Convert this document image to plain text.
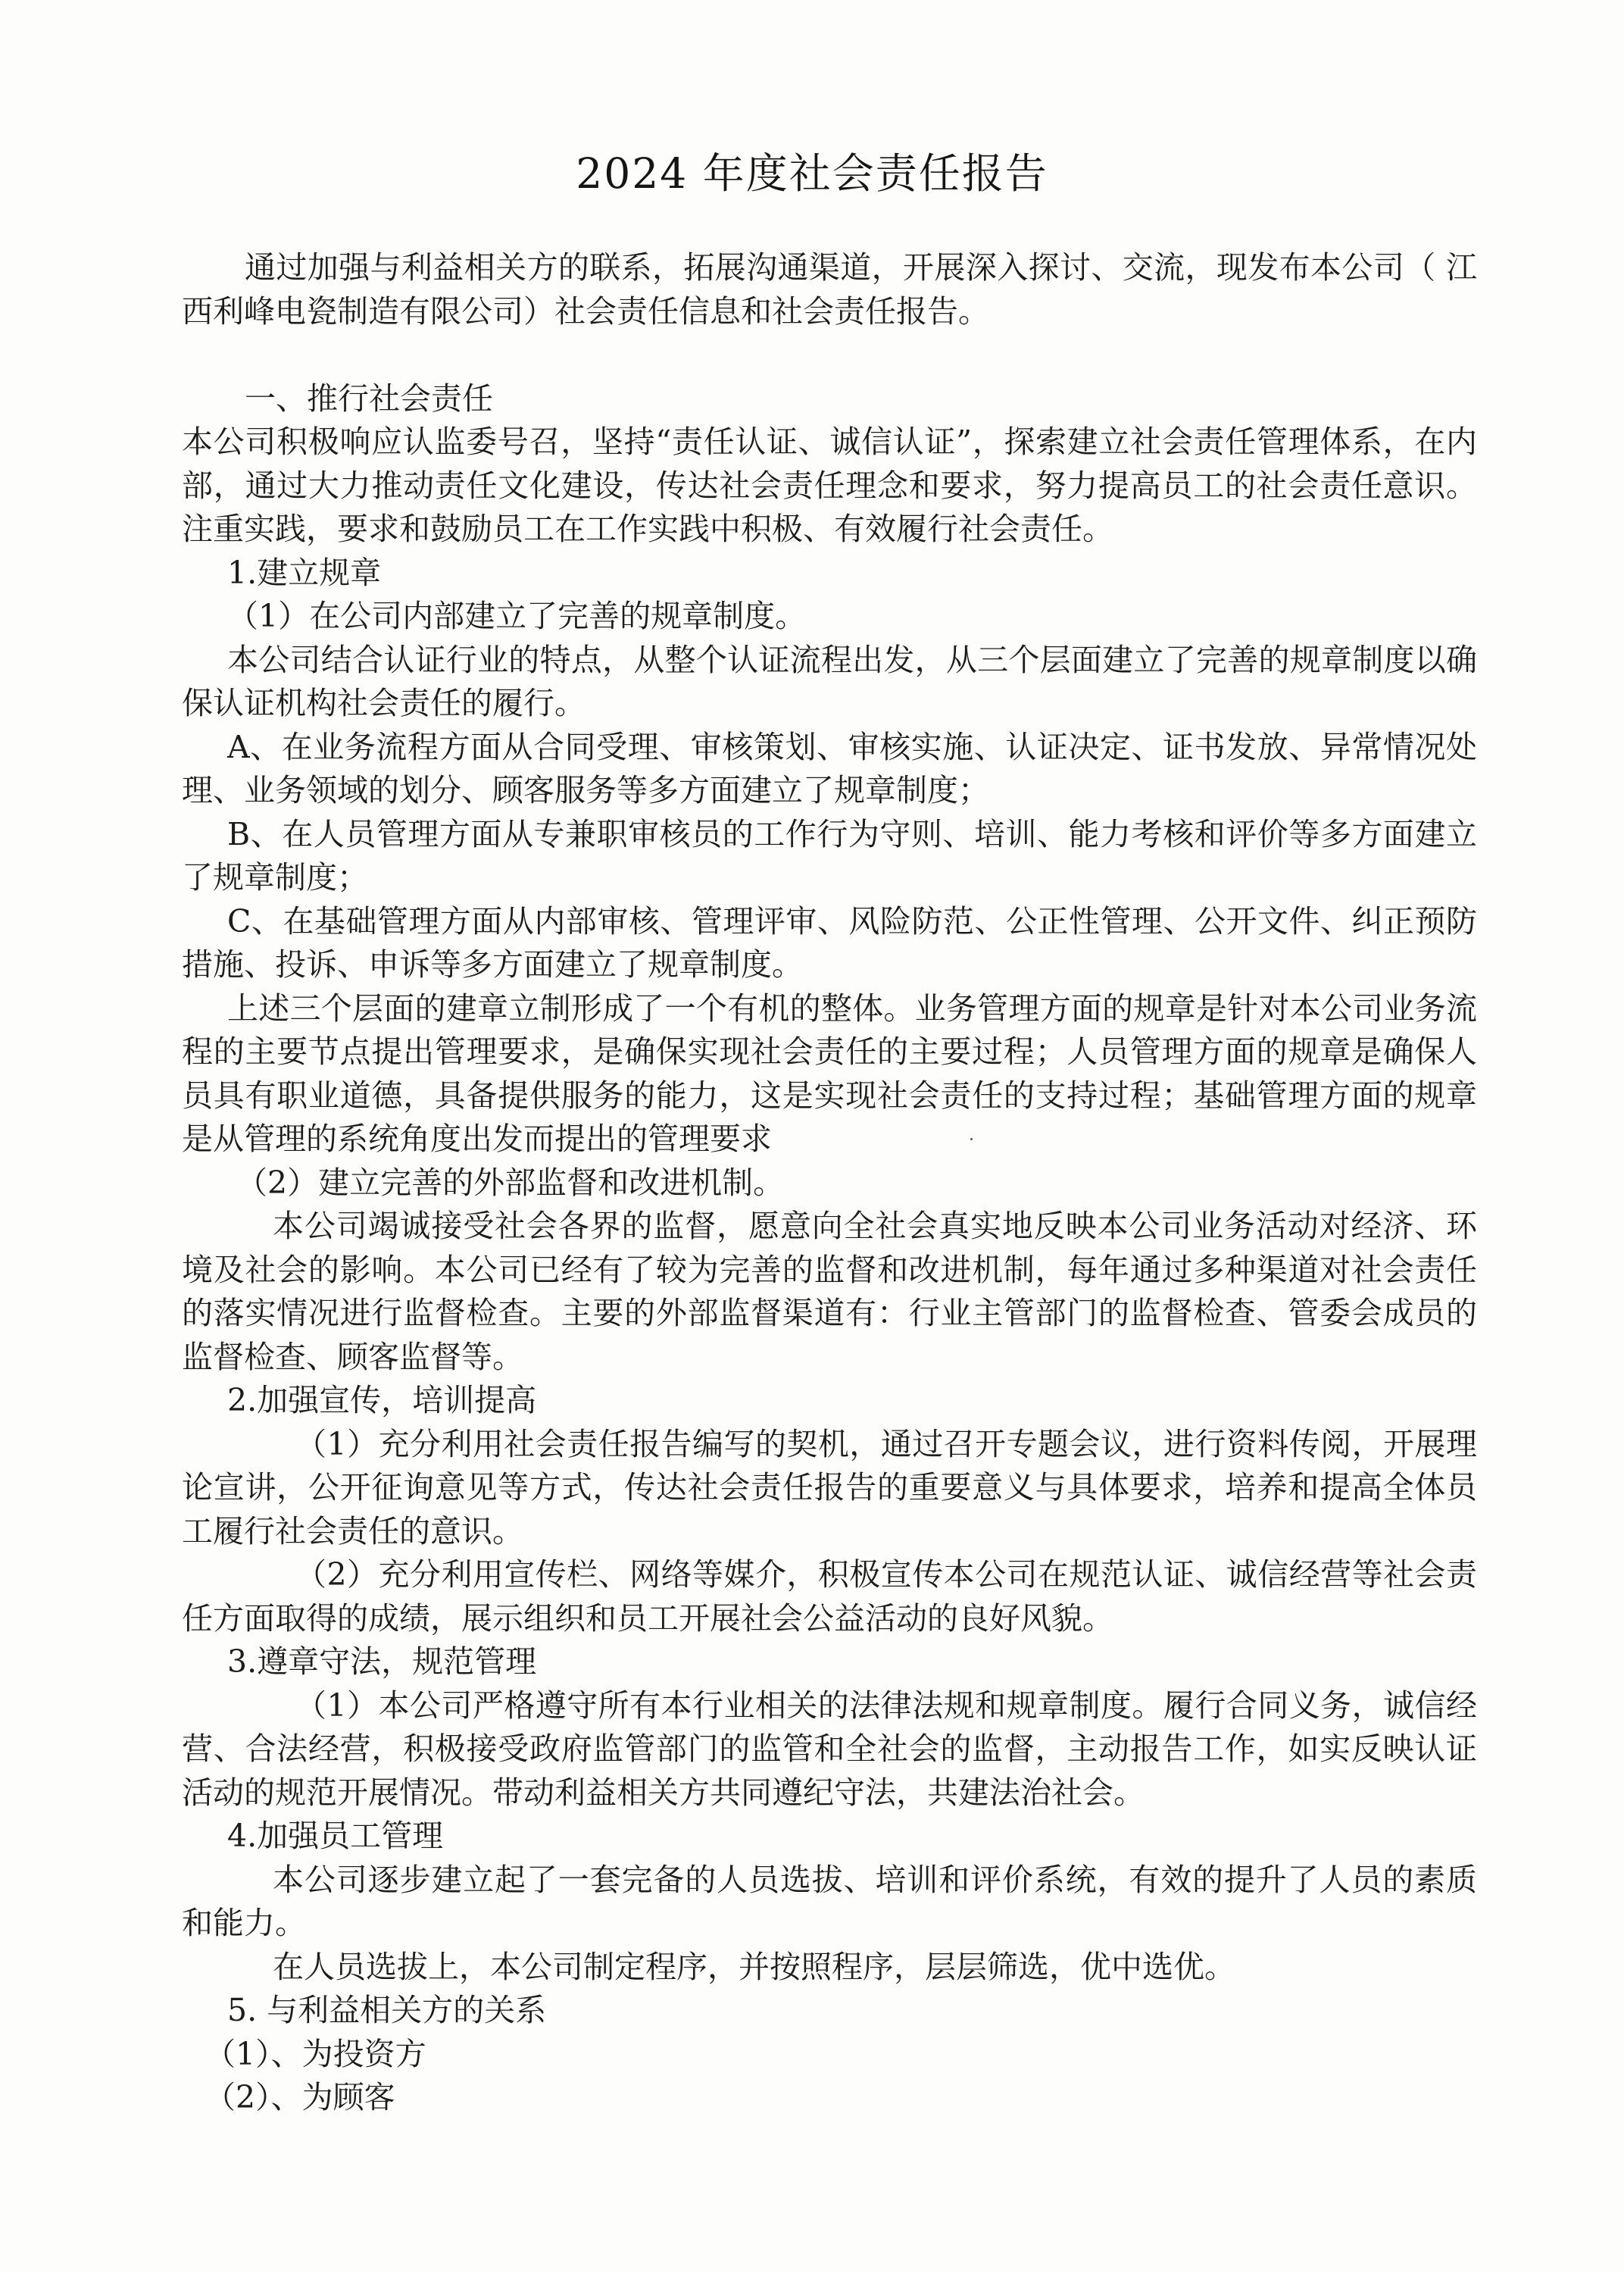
2024 年度社会责任报告

通过加强与利益相关方的联系，拓展沟通渠道，开展深入探讨、交流，现发布本公司（ 江西利峰电瓷制造有限公司）社会责任信息和社会责任报告。

一、推行社会责任

本公司积极响应认监委号召，坚持“责任认证、诚信认证”，探索建立社会责任管理体系，在内部，通过大力推动责任文化建设，传达社会责任理念和要求，努力提高员工的社会责任意识。注重实践，要求和鼓励员工在工作实践中积极、有效履行社会责任。

1.建立规章

（1）在公司内部建立了完善的规章制度。

本公司结合认证行业的特点，从整个认证流程出发，从三个层面建立了完善的规章制度以确保认证机构社会责任的履行。

A、在业务流程方面从合同受理、审核策划、审核实施、认证决定、证书发放、异常情况处理、业务领域的划分、顾客服务等多方面建立了规章制度；

B、在人员管理方面从专兼职审核员的工作行为守则、培训、能力考核和评价等多方面建立了规章制度；

C、在基础管理方面从内部审核、管理评审、风险防范、公正性管理、公开文件、纠正预防措施、投诉、申诉等多方面建立了规章制度。

上述三个层面的建章立制形成了一个有机的整体。业务管理方面的规章是针对本公司业务流程的主要节点提出管理要求，是确保实现社会责任的主要过程；人员管理方面的规章是确保人员具有职业道德，具备提供服务的能力，这是实现社会责任的支持过程；基础管理方面的规章是从管理的系统角度出发而提出的管理要求

（2）建立完善的外部监督和改进机制。

本公司竭诚接受社会各界的监督，愿意向全社会真实地反映本公司业务活动对经济、环境及社会的影响。本公司已经有了较为完善的监督和改进机制，每年通过多种渠道对社会责任的落实情况进行监督检查。主要的外部监督渠道有：行业主管部门的监督检查、管委会成员的监督检查、顾客监督等。

2.加强宣传，培训提高

（1）充分利用社会责任报告编写的契机，通过召开专题会议，进行资料传阅，开展理论宣讲，公开征询意见等方式，传达社会责任报告的重要意义与具体要求，培养和提高全体员工履行社会责任的意识。

（2）充分利用宣传栏、网络等媒介，积极宣传本公司在规范认证、诚信经营等社会责任方面取得的成绩，展示组织和员工开展社会公益活动的良好风貌。

3.遵章守法，规范管理

（1）本公司严格遵守所有本行业相关的法律法规和规章制度。履行合同义务，诚信经营、合法经营，积极接受政府监管部门的监管和全社会的监督，主动报告工作，如实反映认证活动的规范开展情况。带动利益相关方共同遵纪守法，共建法治社会。

4.加强员工管理

本公司逐步建立起了一套完备的人员选拔、培训和评价系统，有效的提升了人员的素质和能力。

在人员选拔上，本公司制定程序，并按照程序，层层筛选，优中选优。

5. 与利益相关方的关系

（1）、为投资方

（2）、为顾客
